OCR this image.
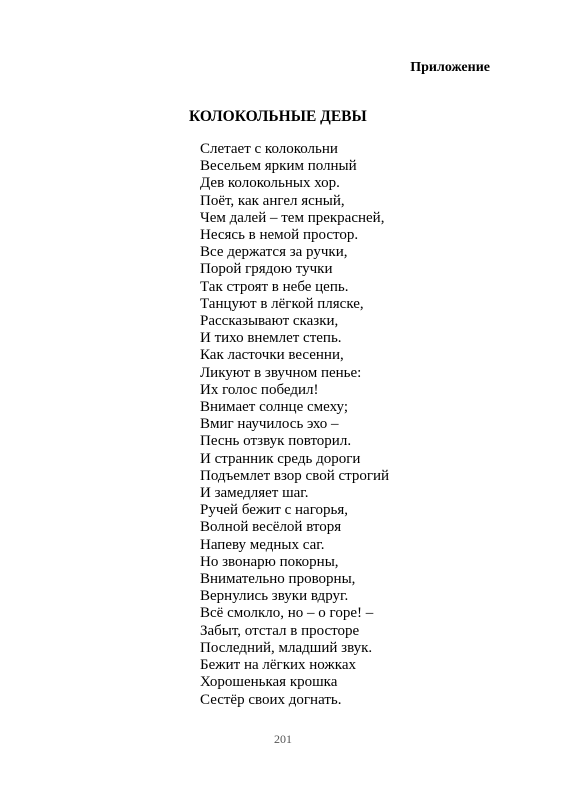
Приложение

КОЛОКОЛЬНЫЕ ДЕВЫ
Слетает с колокольни
Весельем ярким полный
Дев колокольных хор.
Поёт, как ангел ясный,
Чем далей – тем прекрасней,
Несясь в немой простор.
Все держатся за ручки,
Порой грядою тучки
Так строят в небе цепь.
Танцуют в лёгкой пляске,
Рассказывают сказки,
И тихо внемлет степь.
Как ласточки весенни,
Ликуют в звучном пенье:
Их голос победил!
Внимает солнце смеху;
Вмиг научилось эхо –
Песнь отзвук повторил.
И странник средь дороги
Подъемлет взор свой строгий
И замедляет шаг.
Ручей бежит с нагорья,
Волной весёлой вторя
Напеву медных саг.
Но звонарю покорны,
Внимательно проворны,
Вернулись звуки вдруг.
Всё смолкло, но – о горе! –
Забыт, отстал в просторе
Последний, младший звук.
Бежит на лёгких ножках
Хорошенькая крошка
Сестёр своих догнать.

201
